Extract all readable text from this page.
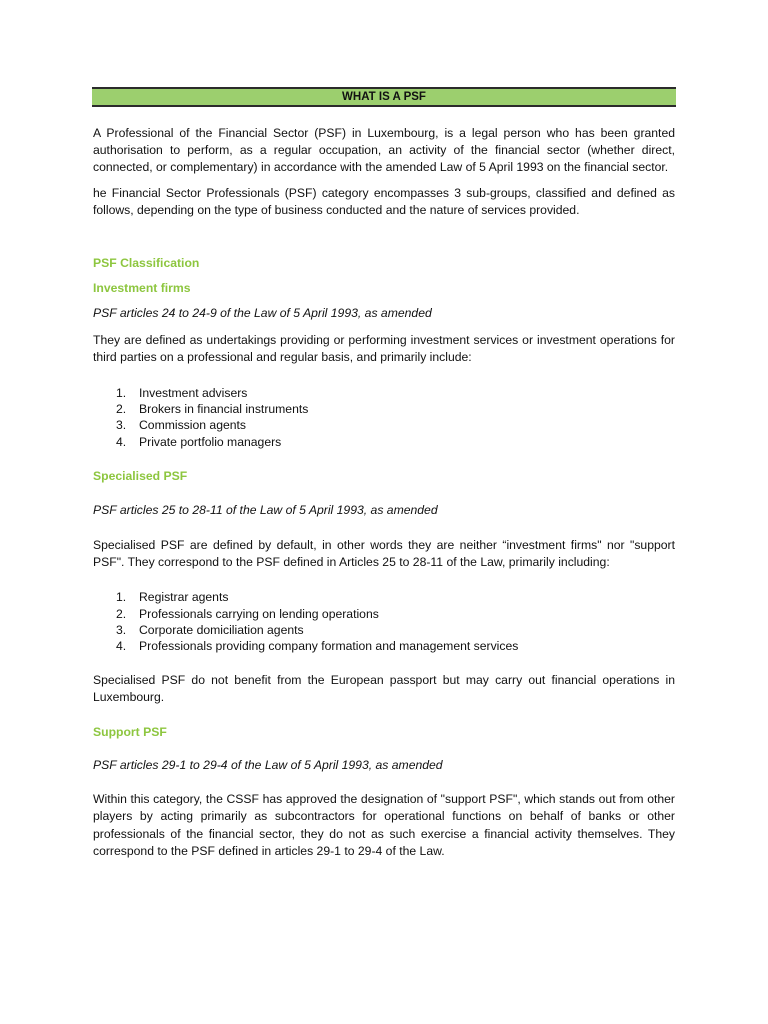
WHAT IS A PSF

A Professional of the Financial Sector (PSF) in Luxembourg, is a legal person who has been granted authorisation to perform, as a regular occupation, an activity of the financial sector (whether direct, connected, or complementary) in accordance with the amended Law of 5 April 1993 on the financial sector.

he Financial Sector Professionals (PSF) category encompasses 3 sub-groups, classified and defined as follows, depending on the type of business conducted and the nature of services provided.

PSF Classification
Investment firms

PSF articles 24 to 24-9 of the Law of 5 April 1993, as amended

They are defined as undertakings providing or performing investment services or investment operations for third parties on a professional and regular basis, and primarily include:

1.	Investment advisers
2.	Brokers in financial instruments
3.	Commission agents
4.	Private portfolio managers
Specialised PSF

PSF articles 25 to 28-11 of the Law of 5 April 1993, as amended

Specialised PSF are defined by default, in other words they are neither “investment firms" nor "support PSF". They correspond to the PSF defined in Articles 25 to 28-11 of the Law, primarily including:

1.	Registrar agents
2.	Professionals carrying on lending operations
3.	Corporate domiciliation agents
4.	Professionals providing company formation and management services

Specialised PSF do not benefit from the European passport but may carry out financial operations in Luxembourg.

Support PSF

PSF articles 29-1 to 29-4 of the Law of 5 April 1993, as amended

Within this category, the CSSF has approved the designation of "support PSF", which stands out from other players by acting primarily as subcontractors for operational functions on behalf of banks or other professionals of the financial sector, they do not as such exercise a financial activity themselves. They correspond to the PSF defined in articles 29-1 to 29-4 of the Law.
